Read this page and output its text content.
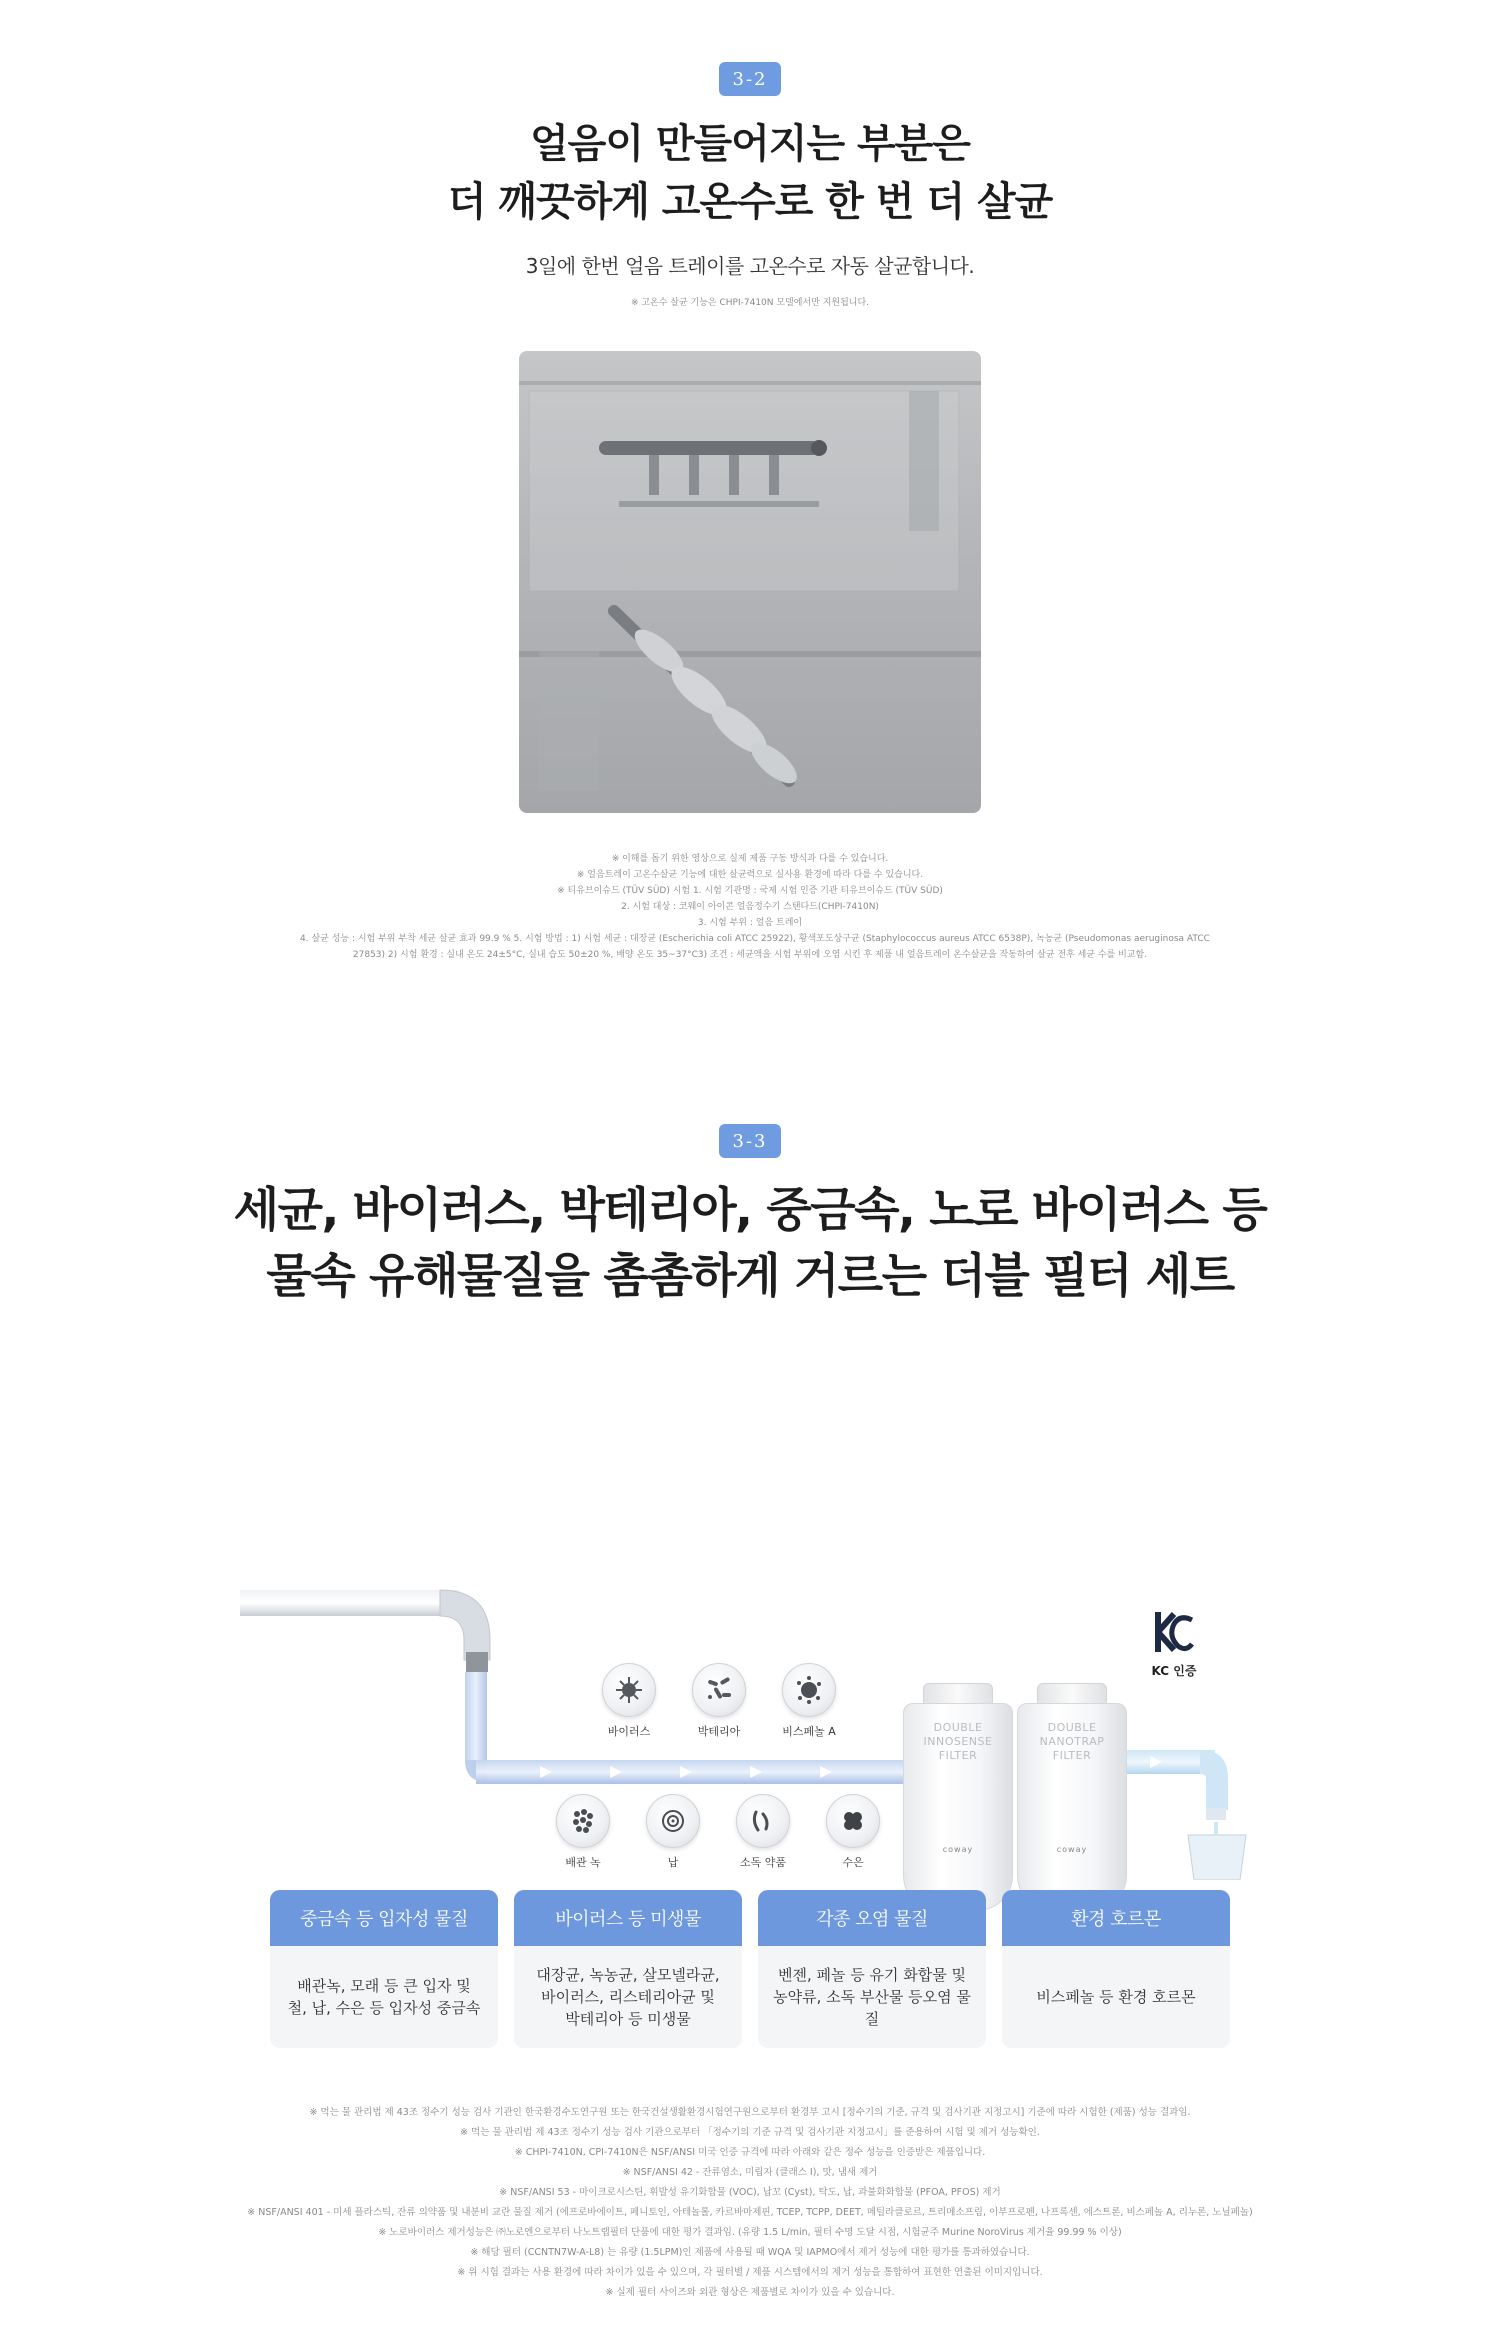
3-2
얼음이 만들어지는 부분은
더 깨끗하게 고온수로 한 번 더 살균
3일에 한번 얼음 트레이를 고온수로 자동 살균합니다.
※ 고온수 살균 기능은 CHPI-7410N 모델에서만 지원됩니다.
※ 이해를 돕기 위한 영상으로 실제 제품 구동 방식과 다를 수 있습니다.
※ 얼음트레이 고온수살균 기능에 대한 살균력으로 실사용 환경에 따라 다를 수 있습니다.
※ 티유브이슈드 (TÜV SÜD) 시험 1. 시험 기관명 : 국제 시험 인증 기관 티유브이슈드 (TÜV SÜD)
2. 시험 대상 : 코웨이 아이콘 얼음정수기 스탠다드(CHPI-7410N)
3. 시험 부위 : 얼음 트레이
4. 살균 성능 : 시험 부위 부착 세균 살균 효과 99.9 % 5. 시험 방법 : 1) 시험 세균 : 대장균 (Escherichia coli ATCC 25922), 황색포도상구균 (Staphylococcus aureus ATCC 6538P), 녹농균 (Pseudomonas aeruginosa ATCC
27853) 2) 시험 환경 : 실내 온도 24±5°C, 실내 습도 50±20 %, 배양 온도 35~37°C3) 조건 : 세균액을 시험 부위에 오염 시킨 후 제품 내 얼음트레이 온수살균을 작동하여 살균 전후 세균 수를 비교함.
3-3
세균, 바이러스, 박테리아, 중금속, 노로 바이러스 등
물속 유해물질을 촘촘하게 거르는 더블 필터 세트
바이러스	박테리아	비스페놀 A
배관 녹	납	소독 약품	수은
DOUBLE
INNOSENSE
FILTER
coway
DOUBLE
NANOTRAP
FILTER
coway
KC 인증
중금속 등 입자성 물질
배관녹, 모래 등 큰 입자 및
철, 납, 수은 등 입자성 중금속
바이러스 등 미생물
대장균, 녹농균, 살모넬라균,
바이러스, 리스테리아균 및
박테리아 등 미생물
각종 오염 물질
벤젠, 페놀 등 유기 화합물 및
농약류, 소독 부산물 등오염 물질
환경 호르몬
비스페놀 등 환경 호르몬
※ 먹는 물 관리법 제 43조 정수기 성능 검사 기관인 한국환경수도연구원 또는 한국건설생활환경시험연구원으로부터 환경부 고시 [정수기의 기준, 규격 및 검사기관 지정고시] 기준에 따라 시험한 (제품) 성능 결과임.
※ 먹는 물 관리법 제 43조 정수기 성능 검사 기관으로부터 「정수기의 기준 규격 및 검사기관 지정고시」를 준용하여 시험 및 제거 성능확인.
※ CHPI-7410N, CPI-7410N은 NSF/ANSI 미국 인증 규격에 따라 아래와 같은 정수 성능을 인증받은 제품입니다.
※ NSF/ANSI 42 - 잔류염소, 미립자 (클래스 I), 맛, 냄새 제거
※ NSF/ANSI 53 - 마이크로시스틴, 휘발성 유기화합물 (VOC), 납꼬 (Cyst), 탁도, 납, 과불화화합물 (PFOA, PFOS) 제거
※ NSF/ANSI 401 - 미세 플라스틱, 잔류 의약품 및 내분비 교란 물질 제거 (에프로바에이트, 페니토인, 아테놀롤, 카르바마제핀, TCEP, TCPP, DEET, 메틸라클로르, 트리메소프림, 이부프로펜, 나프록센, 에스트론, 비스페놀 A, 리누론, 노닐페놀)
※ 노로바이러스 제거성능은 ㈜노로엔으로부터 나노트랩필터 단품에 대한 평가 결과임. (유량 1.5 L/min, 필터 수명 도달 시점, 시험균주 Murine NoroVirus 제거율 99.99 % 이상)
※ 해당 필터 (CCNTN7W-A-L8) 는 유량 (1.5LPM)인 제품에 사용될 때 WQA 및 IAPMO에서 제거 성능에 대한 평가를 통과하였습니다.
※ 위 시험 결과는 사용 환경에 따라 차이가 있을 수 있으며, 각 필터별 / 제품 시스템에서의 제거 성능을 통합하여 표현한 연출된 이미지입니다.
※ 실제 필터 사이즈와 외관 형상은 제품별로 차이가 있을 수 있습니다.
